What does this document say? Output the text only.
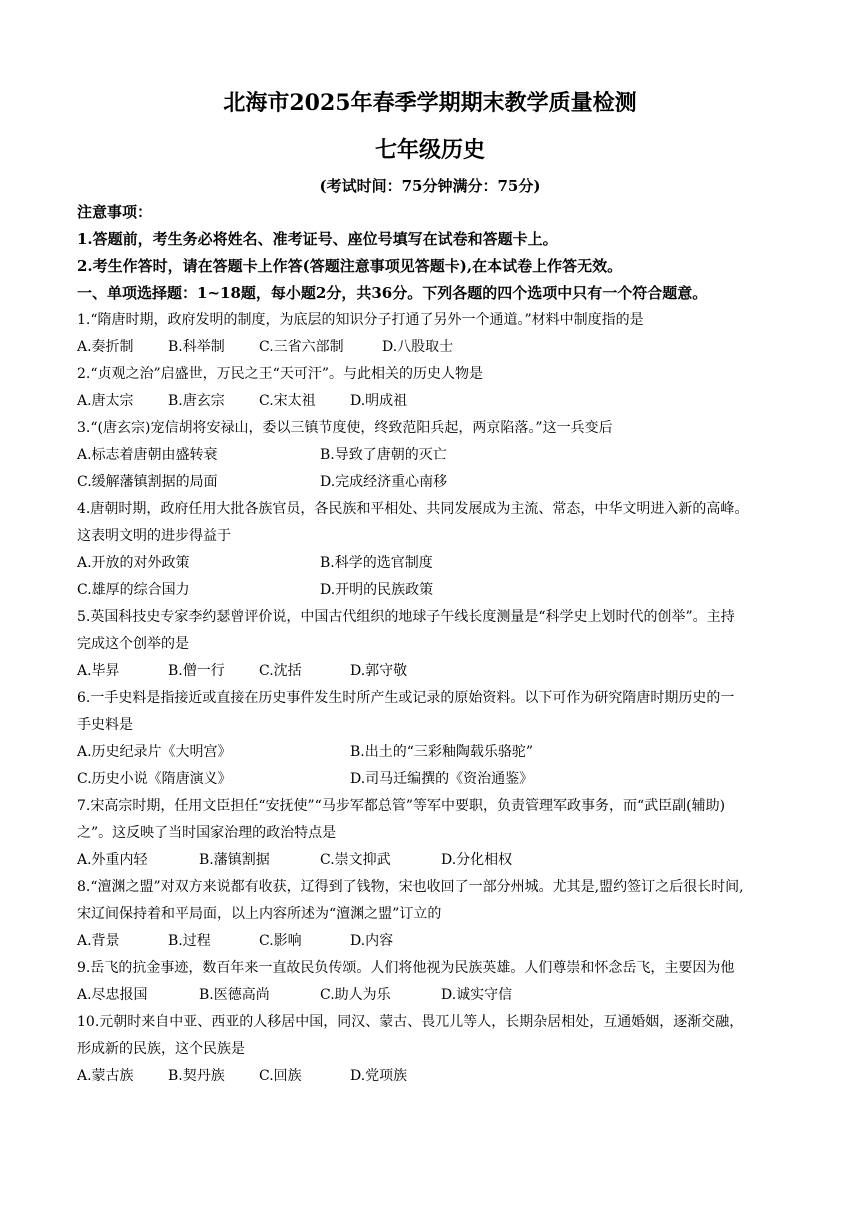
北海市2025年春季学期期末教学质量检测
七年级历史
(考试时间：75分钟满分：75分)
注意事项：
1.答题前，考生务必将姓名、准考证号、座位号填写在试卷和答题卡上。
2.考生作答时，请在答题卡上作答(答题注意事项见答题卡),在本试卷上作答无效。
一、单项选择题：1~18题，每小题2分，共36分。下列各题的四个选项中只有一个符合题意。
1.“隋唐时期，政府发明的制度，为底层的知识分子打通了另外一个通道。”材料中制度指的是
A.奏折制 B.科举制 C.三省六部制	D.八股取士
2.“贞观之治”启盛世，万民之王“天可汗”。与此相关的历史人物是
A.唐太宗 B.唐玄宗 C.宋太祖 D.明成祖
3.“(唐玄宗)宠信胡将安禄山，委以三镇节度使，终致范阳兵起，两京陷落。”这一兵变后
A.标志着唐朝由盛转衰	B.导致了唐朝的灭亡
C.缓解藩镇割据的局面	D.完成经济重心南移
4.唐朝时期，政府任用大批各族官员，各民族和平相处、共同发展成为主流、常态，中华文明进入新的高峰。
这表明文明的进步得益于
A.开放的对外政策	B.科学的选官制度
C.雄厚的综合国力	D.开明的民族政策
5.英国科技史专家李约瑟曾评价说，中国古代组织的地球子午线长度测量是“科学史上划时代的创举”。主持
完成这个创举的是
A.毕昇	B.僧一行 C.沈括	D.郭守敬
6.一手史料是指接近或直接在历史事件发生时所产生或记录的原始资料。以下可作为研究隋唐时期历史的一
手史料是
A.历史纪录片《大明宫》	B.出土的“三彩釉陶载乐骆驼”
C.历史小说《隋唐演义》	D.司马迁编撰的《资治通鉴》
7.宋高宗时期，任用文臣担任“安抚使”“马步军都总管”等军中要职，负责管理军政事务，而“武臣副(辅助)
之”。这反映了当时国家治理的政治特点是
A.外重内轻	B.藩镇割据	C.崇文抑武	D.分化相权
8.“澶渊之盟”对双方来说都有收获，辽得到了钱物，宋也收回了一部分州城。尤其是,盟约签订之后很长时间,
宋辽间保持着和平局面，以上内容所述为“澶渊之盟”订立的
A.背景	B.过程	C.影响	D.内容
9.岳飞的抗金事迹，数百年来一直故民负传颂。人们将他视为民族英雄。人们尊崇和怀念岳飞，主要因为他
A.尽忠报国	B.医德高尚	C.助人为乐	D.诚实守信
10.元朝时来自中亚、西亚的人移居中国，同汉、蒙古、畏兀儿等人，长期杂居相处，互通婚姻，逐渐交融，
形成新的民族，这个民族是
A.蒙古族 B.契丹族 C.回族	D.党项族
